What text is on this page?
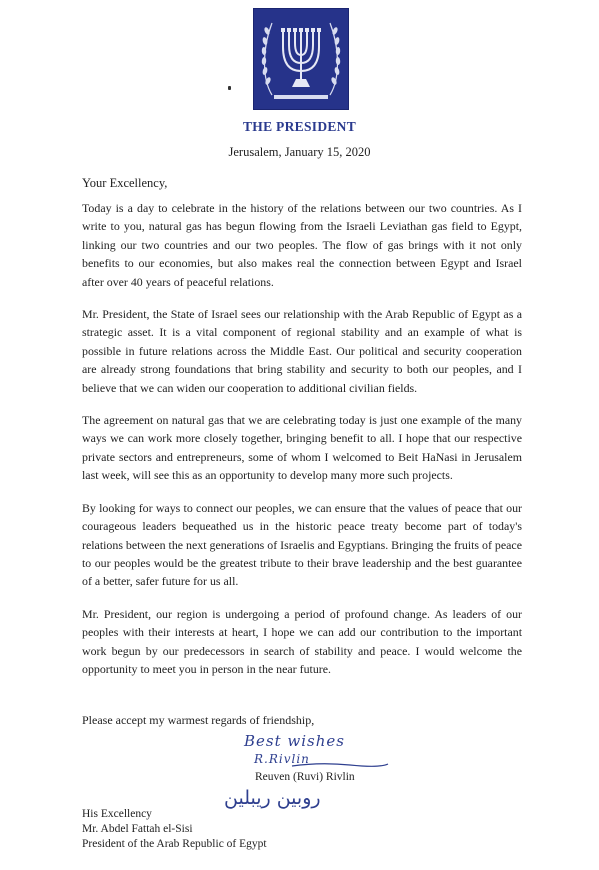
THE PRESIDENT
Jerusalem, January 15, 2020
Your Excellency,

Today is a day to celebrate in the history of the relations between our two countries. As I write to you, natural gas has begun flowing from the Israeli Leviathan gas field to Egypt, linking our two countries and our two peoples. The flow of gas brings with it not only benefits to our economies, but also makes real the connection between Egypt and Israel after over 40 years of peaceful relations.

Mr. President, the State of Israel sees our relationship with the Arab Republic of Egypt as a strategic asset. It is a vital component of regional stability and an example of what is possible in future relations across the Middle East. Our political and security cooperation are already strong foundations that bring stability and security to both our peoples, and I believe that we can widen our cooperation to additional civilian fields.

The agreement on natural gas that we are celebrating today is just one example of the many ways we can work more closely together, bringing benefit to all. I hope that our respective private sectors and entrepreneurs, some of whom I welcomed to Beit HaNasi in Jerusalem last week, will see this as an opportunity to develop many more such projects.

By looking for ways to connect our peoples, we can ensure that the values of peace that our courageous leaders bequeathed us in the historic peace treaty become part of today's relations between the next generations of Israelis and Egyptians. Bringing the fruits of peace to our peoples would be the greatest tribute to their brave leadership and the best guarantee of a better, safer future for us all.

Mr. President, our region is undergoing a period of profound change. As leaders of our peoples with their interests at heart, I hope we can add our contribution to the important work begun by our predecessors in search of stability and peace. I would welcome the opportunity to meet you in person in the near future.

Please accept my warmest regards of friendship,
Best wishes
R.Rivlin
Reuven (Ruvi) Rivlin
روبين ريبلين
His Excellency
Mr. Abdel Fattah el-Sisi
President of the Arab Republic of Egypt
